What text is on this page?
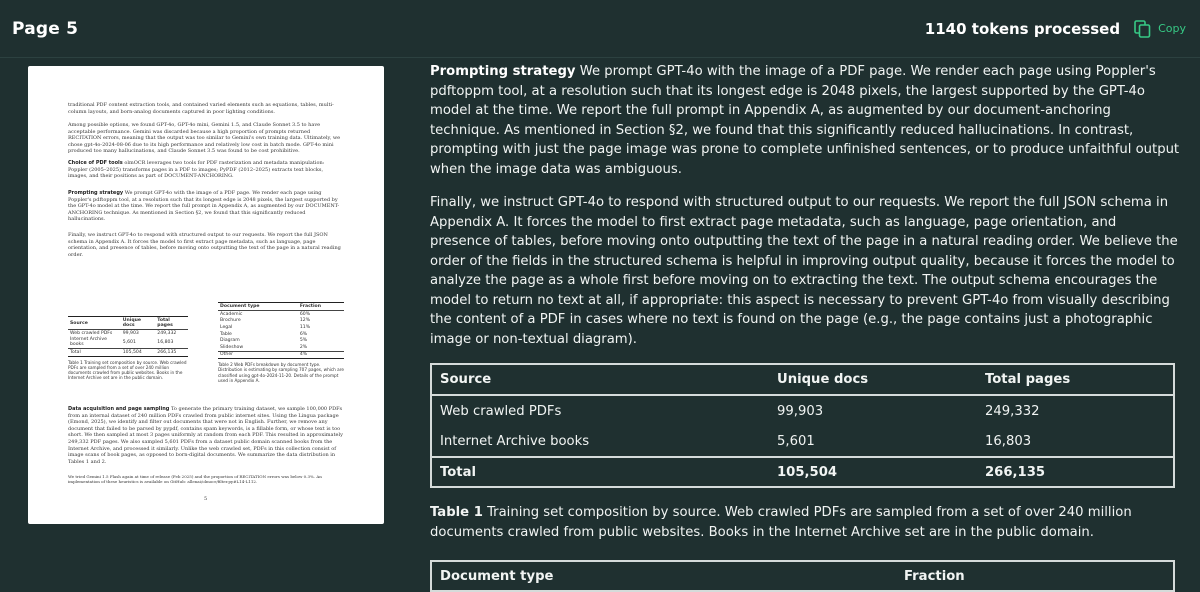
Page 5	1140 tokens processed	Copy
traditional PDF content extraction tools, and contained varied elements such as equations, tables, multi-column layouts, and born-analog documents captured in poor lighting conditions.
Among possible options, we found GPT-4o, GPT-4o mini, Gemini 1.5, and Claude Sonnet 3.5 to have acceptable performance. Gemini was discarded because a high proportion of prompts returned RECITATION errors, meaning that the output was too similar to Gemini's own training data. Ultimately, we chose gpt-4o-2024-08-06 due to its high performance and relatively low cost in batch mode. GPT-4o mini produced too many hallucinations, and Claude Sonnet 3.5 was found to be cost prohibitive.
Choice of PDF tools olmOCR leverages two tools for PDF rasterization and metadata manipulation: Poppler (2005–2025) transforms pages in a PDF to images; PyPDF (2012–2025) extracts text blocks, images, and their positions as part of DOCUMENT-ANCHORING.
Prompting strategy We prompt GPT-4o with the image of a PDF page. We render each page using Poppler's pdftoppm tool, at a resolution such that its longest edge is 2048 pixels, the largest supported by the GPT-4o model at the time. We report the full prompt in Appendix A, as augmented by our DOCUMENT-ANCHORING technique. As mentioned in Section §2, we found that this significantly reduced hallucinations.
Finally, we instruct GPT-4o to respond with structured output to our requests. We report the full JSON schema in Appendix A. It forces the model to first extract page metadata, such as language, page orientation, and presence of tables, before moving onto outputting the text of the page in a natural reading order.
Source	Unique docs	Total pages
Web crawled PDFs	99,903	249,332
Internet Archive books	5,601	16,803
Total	105,504	266,135
Table 1 Training set composition by source. Web crawled PDFs are sampled from a set of over 240 million documents crawled from public websites. Books in the Internet Archive set are in the public domain.
Document type	Fraction
Academic	60%
Brochure	12%
Legal	11%
Table	6%
Diagram	5%
Slideshow	2%
Other	4%
Table 2 Web PDFs breakdown by document type. Distribution is estimating by sampling 707 pages, which are classified using gpt-4o-2024-11-20. Details of the prompt used in Appendix A.
Data acquisition and page sampling To generate the primary training dataset, we sample 100,000 PDFs from an internal dataset of 240 million PDFs crawled from public internet sites. Using the Lingua package (Emond, 2025), we identify and filter out documents that were not in English. Further, we remove any document that failed to be parsed by pypdf, contains spam keywords, is a fillable form, or whose text is too short. We then sampled at most 3 pages uniformly at random from each PDF. This resulted in approximately 249,332 PDF pages. We also sampled 5,601 PDFs from a dataset public domain scanned books from the Internet Archive, and processed it similarly. Unlike the web crawled set, PDFs in this collection consist of image scans of book pages, as opposed to born-digital documents. We summarize the data distribution in Tables 1 and 2.
We tried Gemini 1.5 Flash again at time of release (Feb 2025) and the proportion of RECITATION errors was below 0.3%. An implementation of these heuristics is available on GitHub: allenai/olmocr/filter.py#L14-L112.
5

Prompting strategy We prompt GPT-4o with the image of a PDF page. We render each page using Poppler's pdftoppm tool, at a resolution such that its longest edge is 2048 pixels, the largest supported by the GPT-4o model at the time. We report the full prompt in Appendix A, as augmented by our document-anchoring technique. As mentioned in Section §2, we found that this significantly reduced hallucinations. In contrast, prompting with just the page image was prone to complete unfinished sentences, or to produce unfaithful output when the image data was ambiguous.

Finally, we instruct GPT-4o to respond with structured output to our requests. We report the full JSON schema in Appendix A. It forces the model to first extract page metadata, such as language, page orientation, and presence of tables, before moving onto outputting the text of the page in a natural reading order. We believe the order of the fields in the structured schema is helpful in improving output quality, because it forces the model to analyze the page as a whole first before moving on to extracting the text. The output schema encourages the model to return no text at all, if appropriate: this aspect is necessary to prevent GPT-4o from visually describing the content of a PDF in cases where no text is found on the page (e.g., the page contains just a photographic image or non-textual diagram).

Source	Unique docs	Total pages
Web crawled PDFs	99,903	249,332
Internet Archive books	5,601	16,803
Total	105,504	266,135

Table 1 Training set composition by source. Web crawled PDFs are sampled from a set of over 240 million documents crawled from public websites. Books in the Internet Archive set are in the public domain.

Document type	Fraction
